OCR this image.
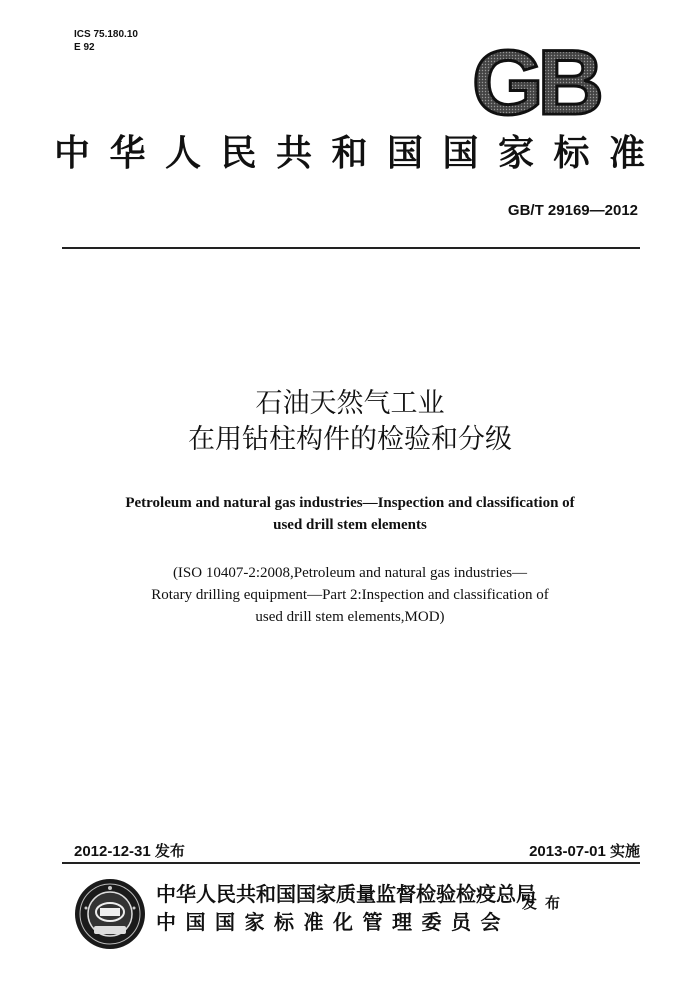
ICS 75.180.10
E 92	GB
中华人民共和国国家标准
GB/T 29169—2012
石油天然气工业
在用钻柱构件的检验和分级
Petroleum and natural gas industries—Inspection and classification of
used drill stem elements
(ISO 10407-2:2008,Petroleum and natural gas industries—
Rotary drilling equipment—Part 2:Inspection and classification of
used drill stem elements,MOD)
2012-12-31 发布	2013-07-01 实施
中华人民共和国国家质量监督检验检疫总局
中国国家标准化管理委员会
发布
